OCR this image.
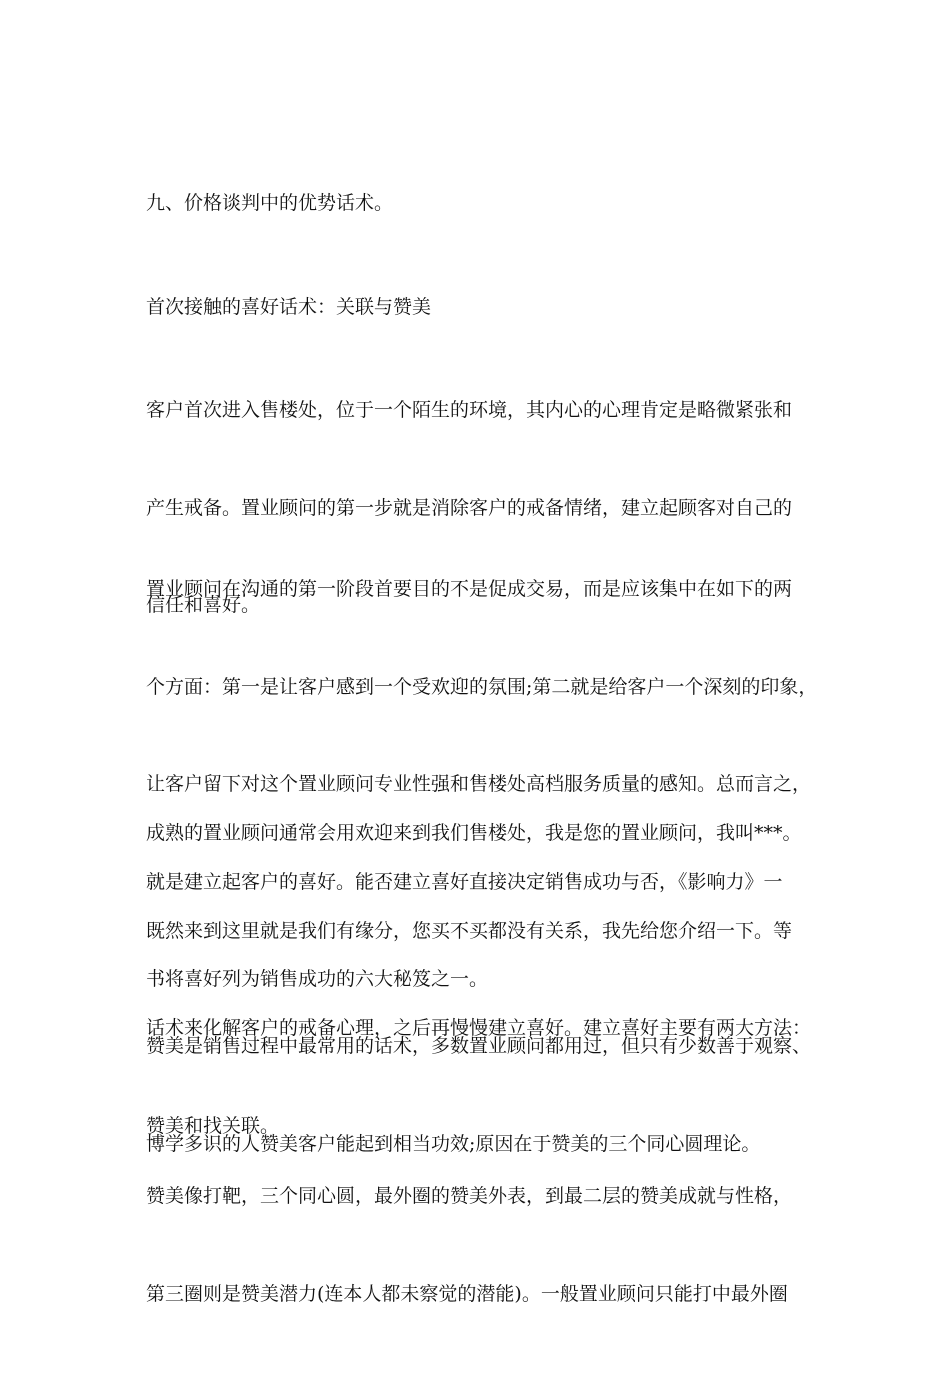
九、价格谈判中的优势话术。

首次接触的喜好话术：关联与赞美

客户首次进入售楼处，位于一个陌生的环境，其内心的心理肯定是略微紧张和

产生戒备。置业顾问的第一步就是消除客户的戒备情绪，建立起顾客对自己的

信任和喜好。

置业顾问在沟通的第一阶段首要目的不是促成交易，而是应该集中在如下的两

个方面：第一是让客户感到一个受欢迎的氛围;第二就是给客户一个深刻的印象，

让客户留下对这个置业顾问专业性强和售楼处高档服务质量的感知。总而言之，

就是建立起客户的喜好。能否建立喜好直接决定销售成功与否，《影响力》一

书将喜好列为销售成功的六大秘笈之一。

成熟的置业顾问通常会用欢迎来到我们售楼处，我是您的置业顾问，我叫***。

既然来到这里就是我们有缘分，您买不买都没有关系，我先给您介绍一下。等

话术来化解客户的戒备心理，之后再慢慢建立喜好。建立喜好主要有两大方法：

赞美和找关联。

赞美是销售过程中最常用的话术，多数置业顾问都用过，但只有少数善于观察、

博学多识的人赞美客户能起到相当功效;原因在于赞美的三个同心圆理论。

赞美像打靶，三个同心圆，最外圈的赞美外表，到最二层的赞美成就与性格，

第三圈则是赞美潜力(连本人都未察觉的潜能)。一般置业顾问只能打中最外圈
